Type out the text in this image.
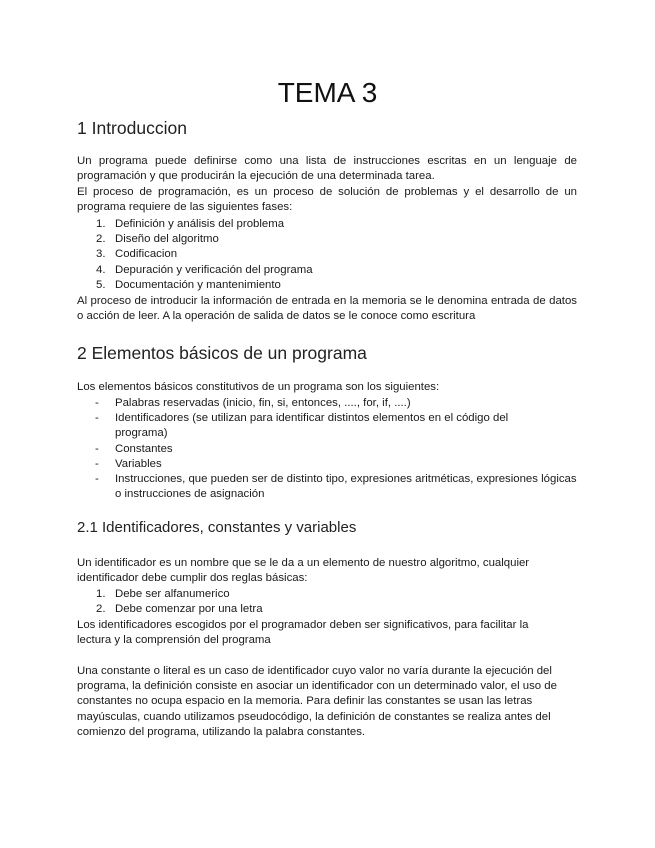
TEMA 3
1 Introduccion

Un programa puede definirse como una lista de instrucciones escritas en un lenguaje de programación y que producirán la ejecución de una determinada tarea.

El proceso de programación, es un proceso de solución de problemas y el desarrollo de un programa requiere de las siguientes fases:

1. Definición y análisis del problema
2. Diseño del algoritmo
3. Codificacion
4. Depuración y verificación del programa
5. Documentación y mantenimiento

Al proceso de introducir la información de entrada en la memoria se le denomina entrada de datos o acción de leer. A la operación de salida de datos se le conoce como escritura

2 Elementos básicos de un programa

Los elementos básicos constitutivos de un programa son los siguientes:

- Palabras reservadas (inicio, fin, si, entonces, ...., for, if, ....)
- Identificadores (se utilizan para identificar distintos elementos en el código del programa)
- Constantes
- Variables
- Instrucciones, que pueden ser de distinto tipo, expresiones aritméticas, expresiones lógicas o instrucciones de asignación
2.1 Identificadores, constantes y variables

Un identificador es un nombre que se le da a un elemento de nuestro algoritmo, cualquier identificador debe cumplir dos reglas básicas:

1. Debe ser alfanumerico
2. Debe comenzar por una letra

Los identificadores escogidos por el programador deben ser significativos, para facilitar la lectura y la comprensión del programa

Una constante o literal es un caso de identificador cuyo valor no varía durante la ejecución del programa, la definición consiste en asociar un identificador con un determinado valor, el uso de constantes no ocupa espacio en la memoria. Para definir las constantes se usan las letras mayúsculas, cuando utilizamos pseudocódigo, la definición de constantes se realiza antes del comienzo del programa, utilizando la palabra constantes.
